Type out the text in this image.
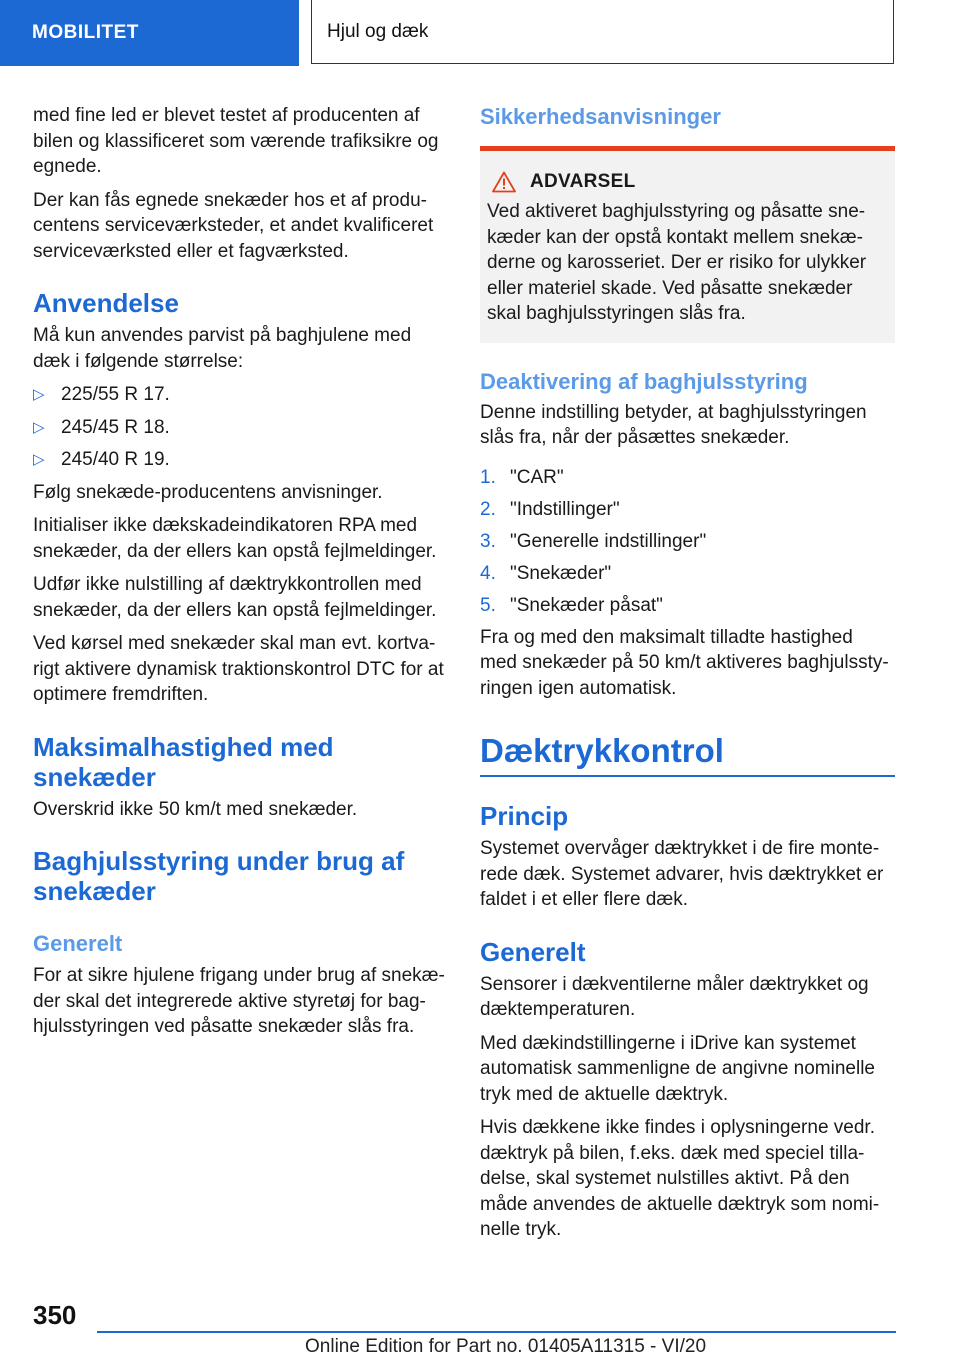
MOBILITET	Hjul og dæk

med fine led er blevet testet af producenten af bilen og klassificeret som værende trafiksikre og egnede.

Der kan fås egnede snekæder hos et af produ-centens serviceværksteder, et andet kvalificeret serviceværksted eller et fagværksted.

Anvendelse

Må kun anvendes parvist på baghjulene med dæk i følgende størrelse:

▷ 225/55 R 17.
▷ 245/45 R 18.
▷ 245/40 R 19.

Følg snekæde-producentens anvisninger.

Initialiser ikke dækskadeindikatoren RPA med snekæder, da der ellers kan opstå fejlmeldinger.

Udfør ikke nulstilling af dæktrykkontrollen med snekæder, da der ellers kan opstå fejlmeldinger.

Ved kørsel med snekæder skal man evt. kortva-rigt aktivere dynamisk traktionskontrol DTC for at optimere fremdriften.

Maksimalhastighed med snekæder

Overskrid ikke 50 km/t med snekæder.

Baghjulsstyring under brug af snekæder
Generelt

For at sikre hjulene frigang under brug af snekæ-der skal det integrerede aktive styretøj for bag-hjulsstyringen ved påsatte snekæder slås fra.

Sikkerhedsanvisninger
ADVARSEL

Ved aktiveret baghjulsstyring og påsatte sne-kæder kan der opstå kontakt mellem snekæ-derne og karosseriet. Der er risiko for ulykker eller materiel skade. Ved påsatte snekæder skal baghjulsstyringen slås fra.

Deaktivering af baghjulsstyring

Denne indstilling betyder, at baghjulsstyringen slås fra, når der påsættes snekæder.

1. "CAR"
2. "Indstillinger"
3. "Generelle indstillinger"
4. "Snekæder"
5. "Snekæder påsat"

Fra og med den maksimalt tilladte hastighed med snekæder på 50 km/t aktiveres baghjulssty-ringen igen automatisk.

Dæktrykkontrol
Princip

Systemet overvåger dæktrykket i de fire monte-rede dæk. Systemet advarer, hvis dæktrykket er faldet i et eller flere dæk.

Generelt

Sensorer i dækventilerne måler dæktrykket og dæktemperaturen.

Med dækindstillingerne i iDrive kan systemet automatisk sammenligne de angivne nominelle tryk med de aktuelle dæktryk.

Hvis dækkene ikke findes i oplysningerne vedr. dæktryk på bilen, f.eks. dæk med speciel tilla-delse, skal systemet nulstilles aktivt. På den måde anvendes de aktuelle dæktryk som nomi-nelle tryk.

350
Online Edition for Part no. 01405A11315 - VI/20
